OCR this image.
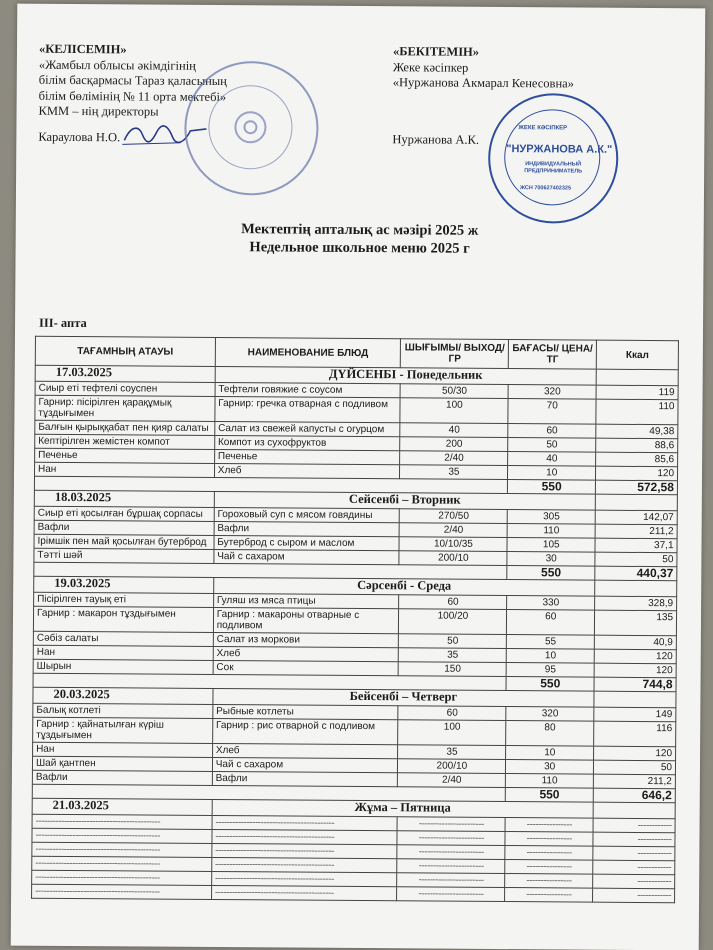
«КЕЛІСЕМІН»
«Жамбыл облысы әкімдігінің
білім басқармасы Тараз қаласының
білім бөлімінің № 11 орта мектебі»
КММ – нің директоры
Караулова Н.О.
«БЕКІТЕМІН»
Жеке кәсіпкер
«Нуржанова Акмарал Кенесовна»
Нуржанова А.К.
ЖЕКЕ КӘСІПКЕР
"НУРЖАНОВА А.К."
ИНДИВИДУАЛЬНЫЙ ПРЕДПРИНИМАТЕЛЬ
ЖСН 700627402325
Мектептің апталық ас мәзірі 2025 ж
Недельное школьное меню 2025 г
III- апта
ТАҒАМНЫҢ АТАУЫ	НАИМЕНОВАНИЕ БЛЮД	ШЫҒЫМЫ/ ВЫХОД/ГР	БАҒАСЫ/ ЦЕНА/ТГ	Ккал
17.03.2025	ДҮЙСЕНБІ - Понедельник			
Сиыр еті тефтелі соуспен	Тефтели говяжие с соусом	50/30	320	119
Гарнир: пісірілген қарақұмық тұздығымен	Гарнир: гречка отварная с подливом	100	70	110
Балғын қырыққабат пен қияр салаты	Салат из свежей капусты с огурцом	40	60	49,38
Кептірілген жемістен компот	Компот из сухофруктов	200	50	88,6
Печенье	Печенье	2/40	40	85,6
Нан	Хлеб	35	10	120
			550	572,58
18.03.2025	Сейсенбі – Вторник			
Сиыр еті қосылған бұршақ сорпасы	Гороховый суп с мясом говядины	270/50	305	142,07
Вафли	Вафли	2/40	110	211,2
Ірімшік пен май қосылған бутерброд	Бутерброд с сыром и маслом	10/10/35	105	37,1
Тәтті шәй	Чай с сахаром	200/10	30	50
			550	440,37
19.03.2025	Сәрсенбі - Среда			
Пісірілген тауық еті	Гуляш из мяса птицы	60	330	328,9
Гарнир : макарон тұздығымен	Гарнир : макароны отварные с подливом	100/20	60	135
Сәбіз салаты	Салат из моркови	50	55	40,9
Нан	Хлеб	35	10	120
Шырын	Сок	150	95	120
			550	744,8
20.03.2025	Бейсенбі – Четверг			
Балық котлеті	Рыбные котлеты	60	320	149
Гарнир : қайнатылған күріш тұздығымен	Гарнир : рис отварной с подливом	100	80	116
Нан	Хлеб	35	10	120
Шай қантпен	Чай с сахаром	200/10	30	50
Вафли	Вафли	2/40	110	211,2
			550	646,2
21.03.2025	Жұма – Пятница			
--------------------------------------------	------------------------------------------	-----------------------	----------------	------------
--------------------------------------------	------------------------------------------	-----------------------	----------------	------------
--------------------------------------------	------------------------------------------	-----------------------	----------------	------------
--------------------------------------------	------------------------------------------	-----------------------	----------------	------------
--------------------------------------------	------------------------------------------	-----------------------	----------------	------------
--------------------------------------------	------------------------------------------	-----------------------	----------------	------------
